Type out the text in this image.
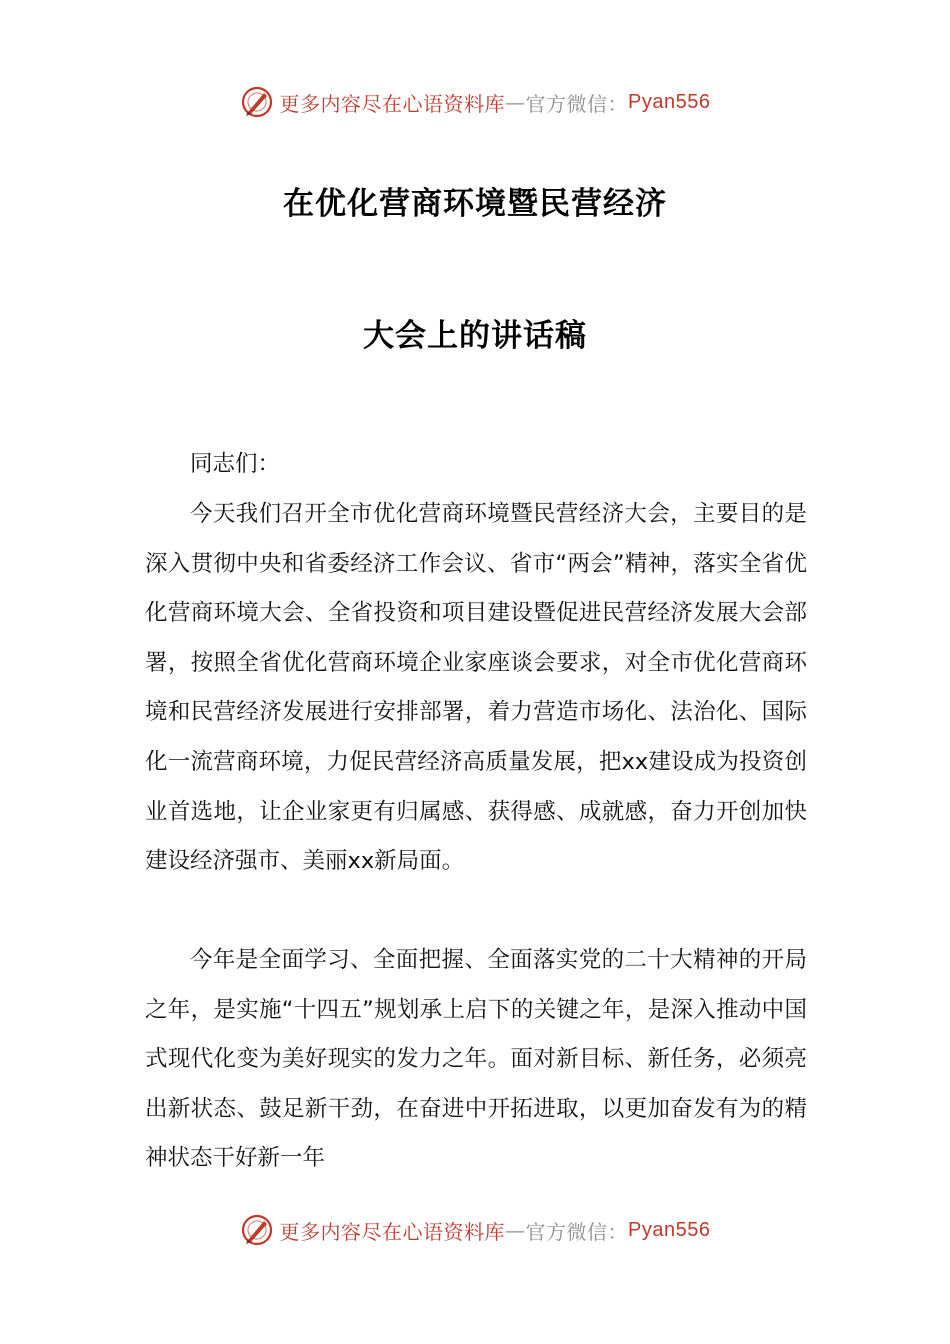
更多内容尽在心语资料库 — 官方微信： Pyan556
在优化营商环境暨民营经济
大会上的讲话稿
同志们：
今天我们召开全市优化营商环境暨民营经济大会，主要目的是深入贯彻中央和省委经济工作会议、省市“两会”精神，落实全省优化营商环境大会、全省投资和项目建设暨促进民营经济发展大会部署，按照全省优化营商环境企业家座谈会要求，对全市优化营商环境和民营经济发展进行安排部署，着力营造市场化、法治化、国际化一流营商环境，力促民营经济高质量发展，把xx建设成为投资创业首选地，让企业家更有归属感、获得感、成就感，奋力开创加快建设经济强市、美丽xx新局面。
今年是全面学习、全面把握、全面落实党的二十大精神的开局之年，是实施“十四五”规划承上启下的关键之年，是深入推动中国式现代化变为美好现实的发力之年。面对新目标、新任务，必须亮出新状态、鼓足新干劲，在奋进中开拓进取，以更加奋发有为的精神状态干好新一年
更多内容尽在心语资料库 — 官方微信： Pyan556
